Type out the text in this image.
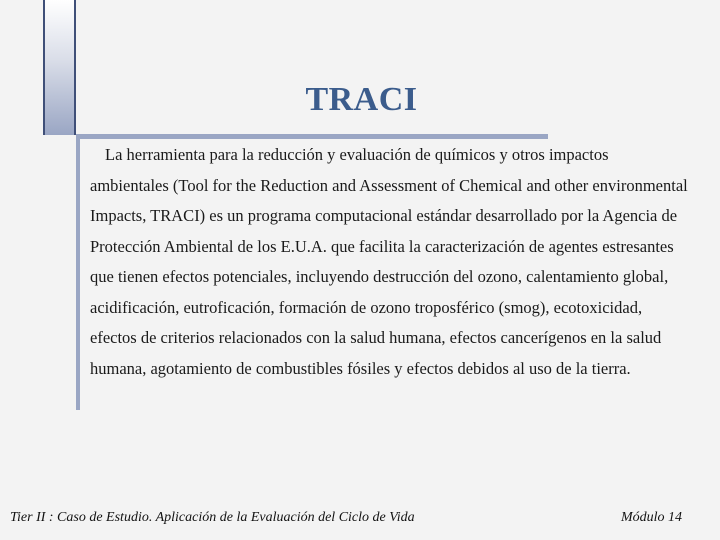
TRACI

La herramienta para la reducción y evaluación de químicos y otros impactos ambientales (Tool for the Reduction and Assessment of Chemical and other environmental Impacts, TRACI) es un programa computacional estándar desarrollado por la Agencia de Protección Ambiental de los E.U.A. que facilita la caracterización de agentes estresantes que tienen efectos potenciales, incluyendo destrucción del ozono, calentamiento global, acidificación, eutroficación, formación de ozono troposférico (smog), ecotoxicidad, efectos de criterios relacionados con la salud humana, efectos cancerígenos en la salud humana, agotamiento de combustibles fósiles y efectos debidos al uso de la tierra.

Tier II : Caso de Estudio. Aplicación de la Evaluación del Ciclo de Vida	Módulo 14
